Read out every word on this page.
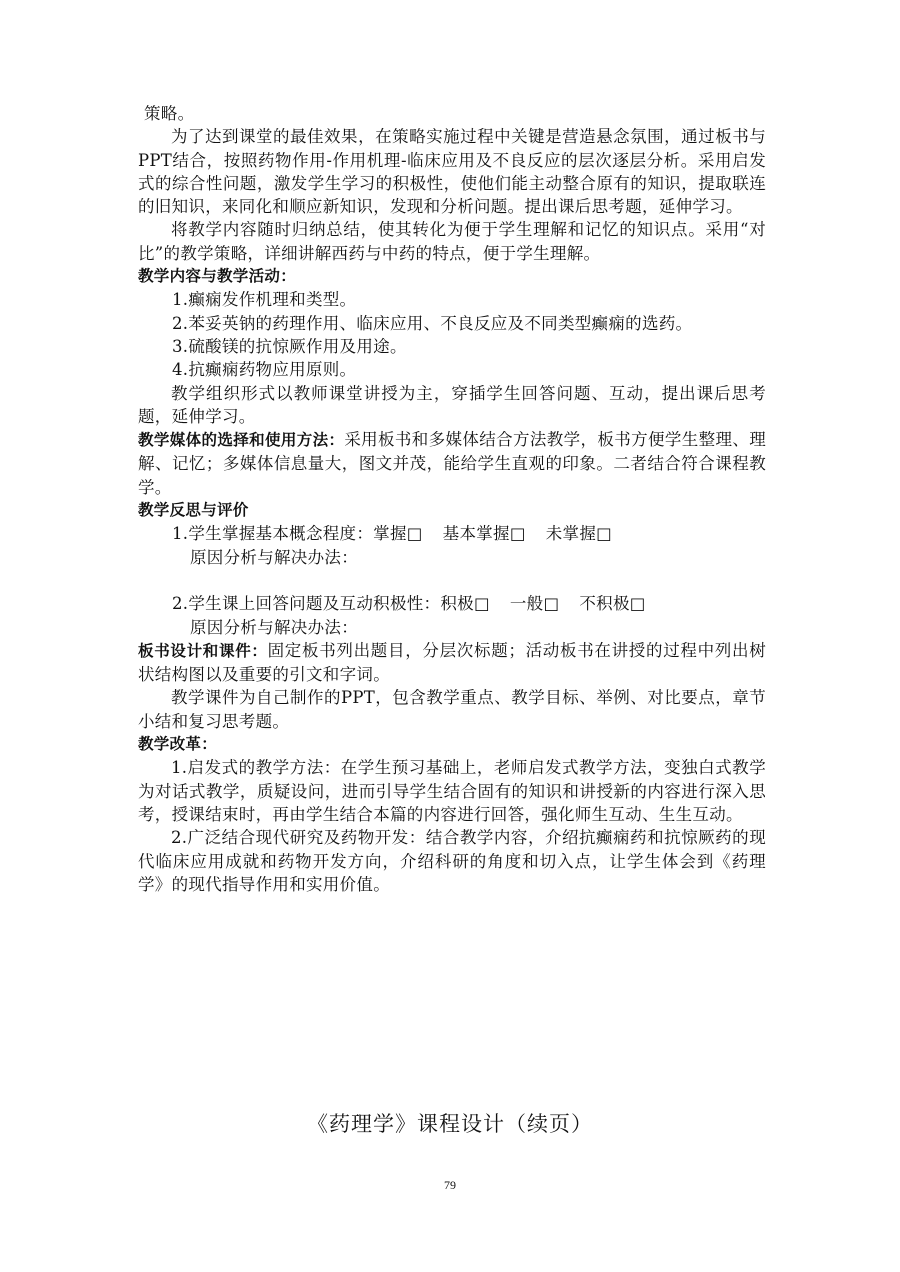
策略。

为了达到课堂的最佳效果，在策略实施过程中关键是营造悬念氛围，通过板书与PPT结合，按照药物作用-作用机理-临床应用及不良反应的层次逐层分析。采用启发式的综合性问题，激发学生学习的积极性，使他们能主动整合原有的知识，提取联连的旧知识，来同化和顺应新知识，发现和分析问题。提出课后思考题，延伸学习。

将教学内容随时归纳总结，使其转化为便于学生理解和记忆的知识点。采用“对比”的教学策略，详细讲解西药与中药的特点，便于学生理解。

教学内容与教学活动：

1.癫痫发作机理和类型。

2.苯妥英钠的药理作用、临床应用、不良反应及不同类型癫痫的选药。

3.硫酸镁的抗惊厥作用及用途。

4.抗癫痫药物应用原则。

教学组织形式以教师课堂讲授为主，穿插学生回答问题、互动，提出课后思考题，延伸学习。

教学媒体的选择和使用方法：采用板书和多媒体结合方法教学，板书方便学生整理、理解、记忆；多媒体信息量大，图文并茂，能给学生直观的印象。二者结合符合课程教学。

教学反思与评价

1.学生掌握基本概念程度：掌握□ 基本掌握□ 未掌握□

原因分析与解决办法：

2.学生课上回答问题及互动积极性：积极□ 一般□ 不积极□

原因分析与解决办法：

板书设计和课件：固定板书列出题目，分层次标题；活动板书在讲授的过程中列出树状结构图以及重要的引文和字词。

教学课件为自己制作的PPT，包含教学重点、教学目标、举例、对比要点，章节小结和复习思考题。

教学改革：

1.启发式的教学方法：在学生预习基础上，老师启发式教学方法，变独白式教学为对话式教学，质疑设问，进而引导学生结合固有的知识和讲授新的内容进行深入思考，授课结束时，再由学生结合本篇的内容进行回答，强化师生互动、生生互动。

2.广泛结合现代研究及药物开发：结合教学内容，介绍抗癫痫药和抗惊厥药的现代临床应用成就和药物开发方向，介绍科研的角度和切入点，让学生体会到《药理学》的现代指导作用和实用价值。

《药理学》课程设计（续页）
79
